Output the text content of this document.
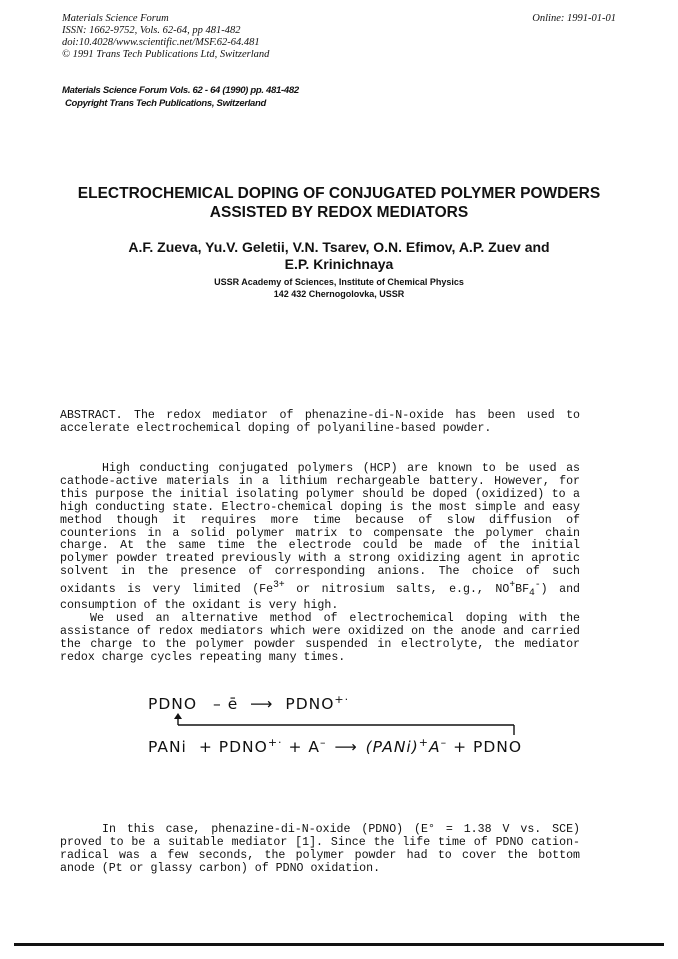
Materials Science Forum
ISSN: 1662-9752, Vols. 62-64, pp 481-482
doi:10.4028/www.scientific.net/MSF.62-64.481
© 1991 Trans Tech Publications Ltd, Switzerland
Online: 1991-01-01
Materials Science Forum Vols. 62 - 64 (1990) pp. 481-482
Copyright Trans Tech Publications, Switzerland
ELECTROCHEMICAL DOPING OF CONJUGATED POLYMER POWDERS
ASSISTED BY REDOX MEDIATORS
A.F. Zueva, Yu.V. Geletii, V.N. Tsarev, O.N. Efimov, A.P. Zuev and
E.P. Krinichnaya
USSR Academy of Sciences, Institute of Chemical Physics
142 432 Chernogolovka, USSR

ABSTRACT. The redox mediator of phenazine-di-N-oxide has been used to accelerate electrochemical doping of polyaniline-based powder.

High conducting conjugated polymers (HCP) are known to be used as cathode-active materials in a lithium rechargeable battery. However, for this purpose the initial isolating polymer should be doped (oxidized) to a high conducting state. Electro-chemical doping is the most simple and easy method though it requires more time because of slow diffusion of counterions in a solid polymer matrix to compensate the polymer chain charge. At the same time the electrode could be made of the initial polymer powder treated previously with a strong oxidizing agent in aprotic solvent in the presence of corresponding anions. The choice of such oxidants is very limited ($Fe^{3+}$ or nitrosium salts, e.g., $NO^+BF_4^-$) and consumption of the oxidant is very high.

We used an alternative method of electrochemical doping with the assistance of redox mediators which were oxidized on the anode and carried the charge to the polymer powder suspended in electrolyte, the mediator redox charge cycles repeating many times.

PDNO – ē ⟶ PDNO+·
PANi + PDNO+· + A– ⟶ (PANi)+A– + PDNO

In this case, phenazine-di-N-oxide (PDNO) (E° = 1.38 V vs. SCE) proved to be a suitable mediator [1]. Since the life time of PDNO cation-radical was a few seconds, the polymer powder had to cover the bottom anode (Pt or glassy carbon) of PDNO oxidation.
